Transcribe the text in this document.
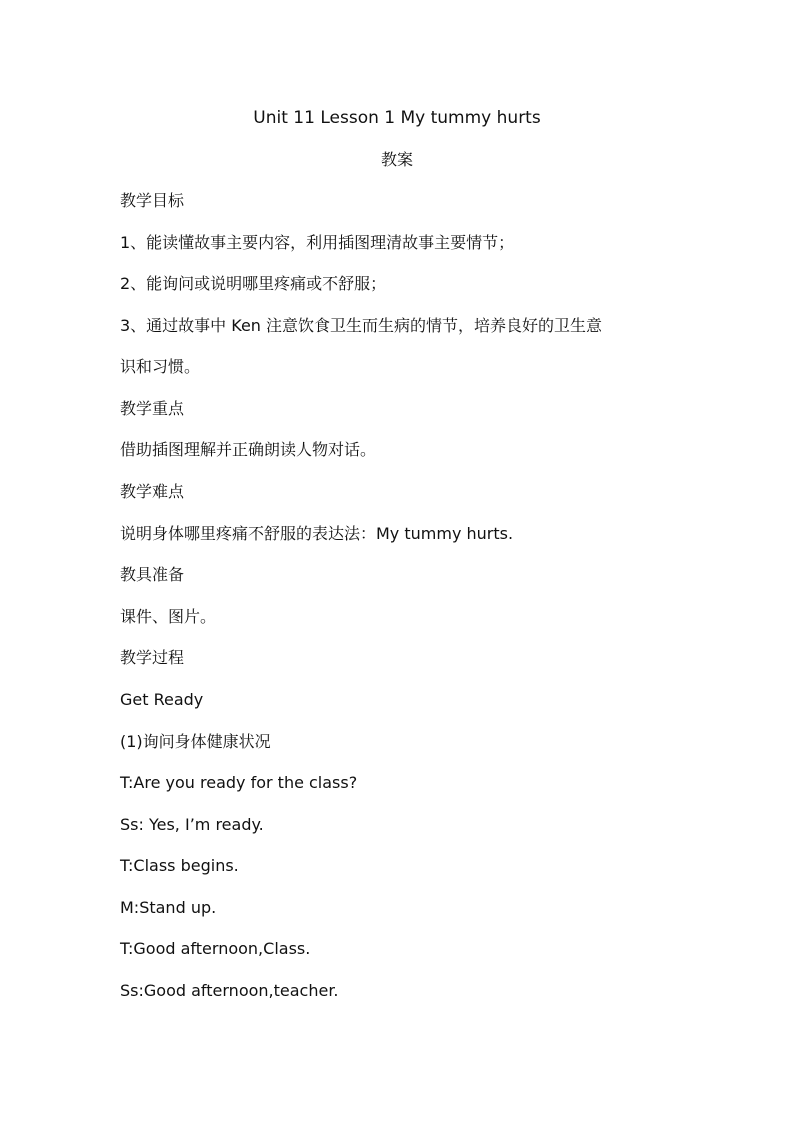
Unit 11 Lesson 1 My tummy hurts
教案
教学目标
1、能读懂故事主要内容，利用插图理清故事主要情节；
2、能询问或说明哪里疼痛或不舒服；
3、通过故事中 Ken 注意饮食卫生而生病的情节，培养良好的卫生意
识和习惯。
教学重点
借助插图理解并正确朗读人物对话。
教学难点
说明身体哪里疼痛不舒服的表达法：My tummy hurts.
教具准备
课件、图片。
教学过程
Get Ready
(1)询问身体健康状况
T:Are you ready for the class?
Ss: Yes, I’m ready.
T:Class begins.
M:Stand up.
T:Good afternoon,Class.
Ss:Good afternoon,teacher.
